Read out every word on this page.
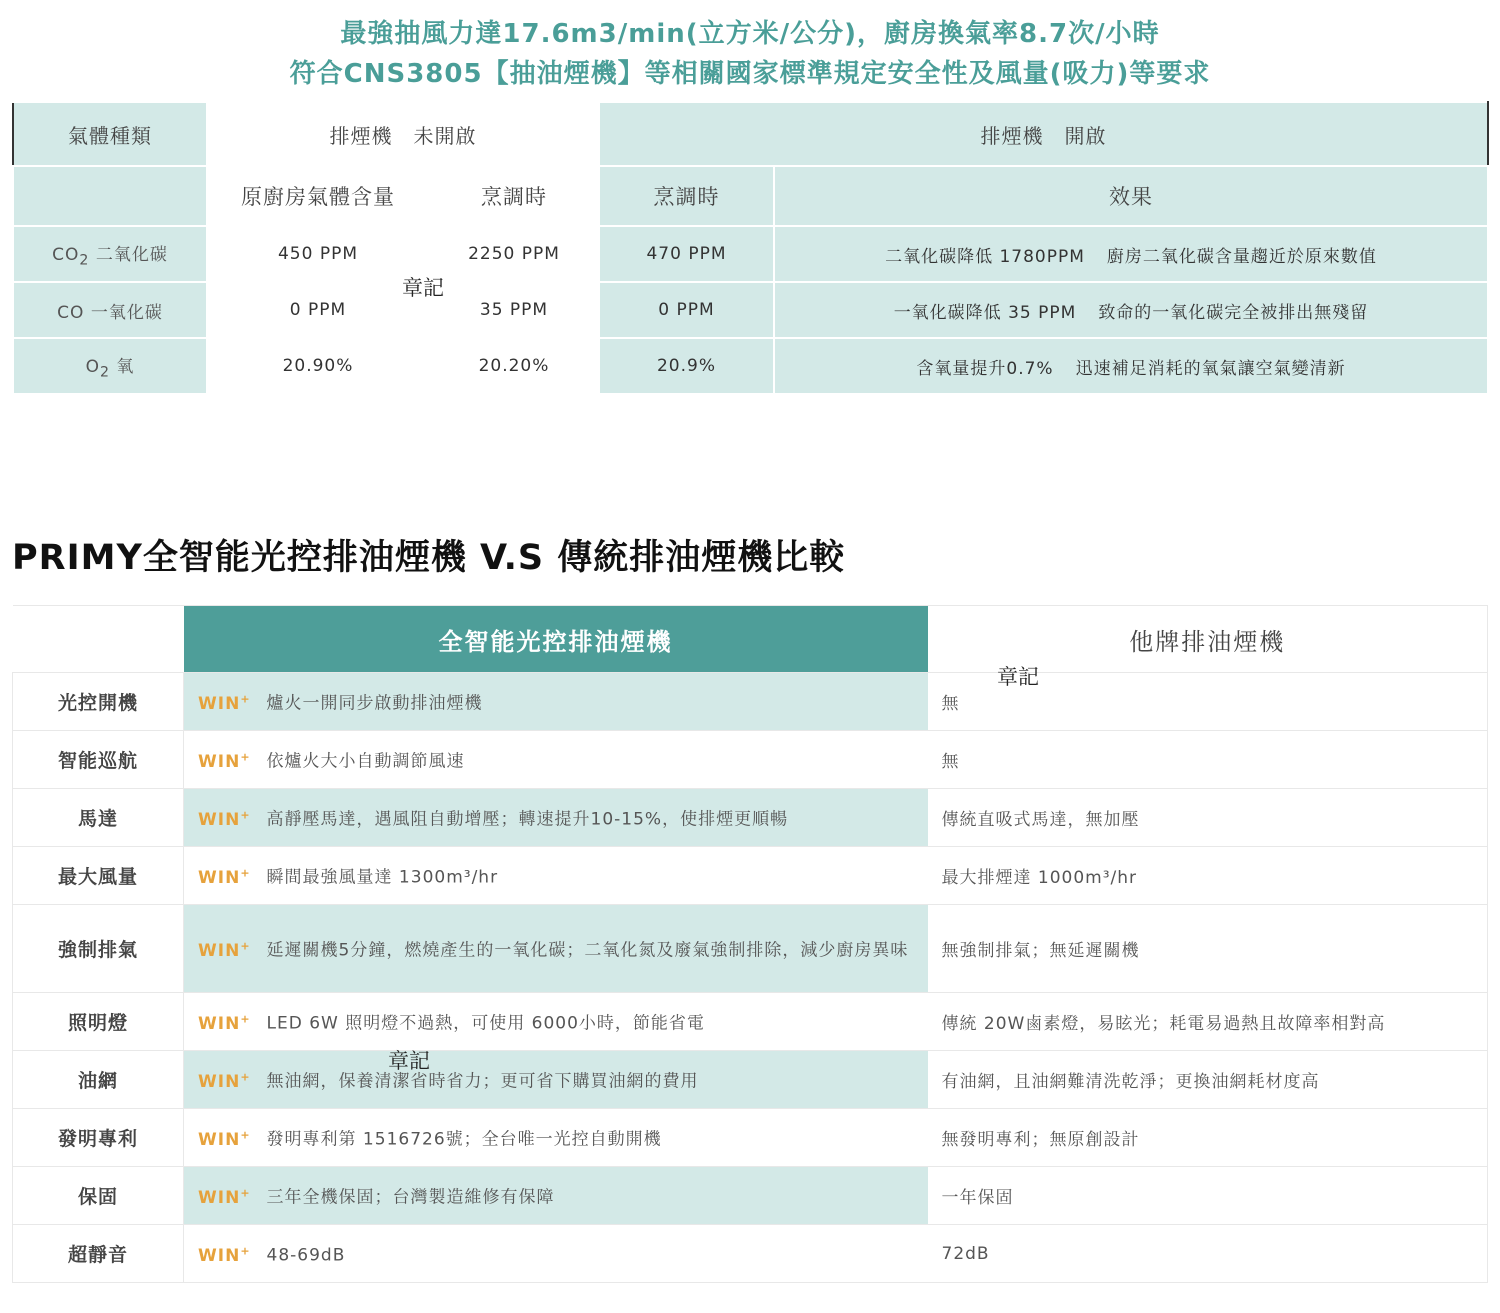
最強抽風力達17.6m3/min(立方米/公分)，廚房換氣率8.7次/小時
符合CNS3805【抽油煙機】等相關國家標準規定安全性及風量(吸力)等要求
氣體種類	排煙機　未開啟		排煙機　開啟	
	原廚房氣體含量	烹調時	烹調時	效果
$CO_2$ 二氧化碳	450 PPM	2250 PPM	470 PPM	二氧化碳降低 1780PPM 廚房二氧化碳含量趨近於原來數值
CO 一氧化碳	0 PPM	35 PPM	0 PPM	一氧化碳降低 35 PPM 致命的一氧化碳完全被排出無殘留
$O_2$ 氧	20.90%	20.20%	20.9%	含氧量提升0.7% 迅速補足消耗的氧氣讓空氣變清新
章記
PRIMY全智能光控排油煙機 V.S 傳統排油煙機比較
	全智能光控排油煙機	他牌排油煙機
光控開機	WIN+ 爐火一開同步啟動排油煙機	無
智能巡航	WIN+ 依爐火大小自動調節風速	無
馬達	WIN+ 高靜壓馬達，遇風阻自動增壓；轉速提升10-15%，使排煙更順暢	傳統直吸式馬達，無加壓
最大風量	WIN+ 瞬間最強風量達 1300m³/hr	最大排煙達 1000m³/hr
強制排氣	WIN+ 延遲關機5分鐘，燃燒產生的一氧化碳；二氧化氮及廢氣強制排除，減少廚房異味	無強制排氣；無延遲關機
照明燈	WIN+ LED 6W 照明燈不過熱，可使用 6000小時，節能省電	傳統 20W鹵素燈，易眩光；耗電易過熱且故障率相對高
油網	WIN+ 無油網，保養清潔省時省力；更可省下購買油網的費用	有油網，且油網難清洗乾淨；更換油網耗材度高
發明專利	WIN+ 發明專利第 1516726號；全台唯一光控自動開機	無發明專利；無原創設計
保固	WIN+ 三年全機保固；台灣製造維修有保障	一年保固
超靜音	WIN+ 48-69dB	72dB
章記
章記
